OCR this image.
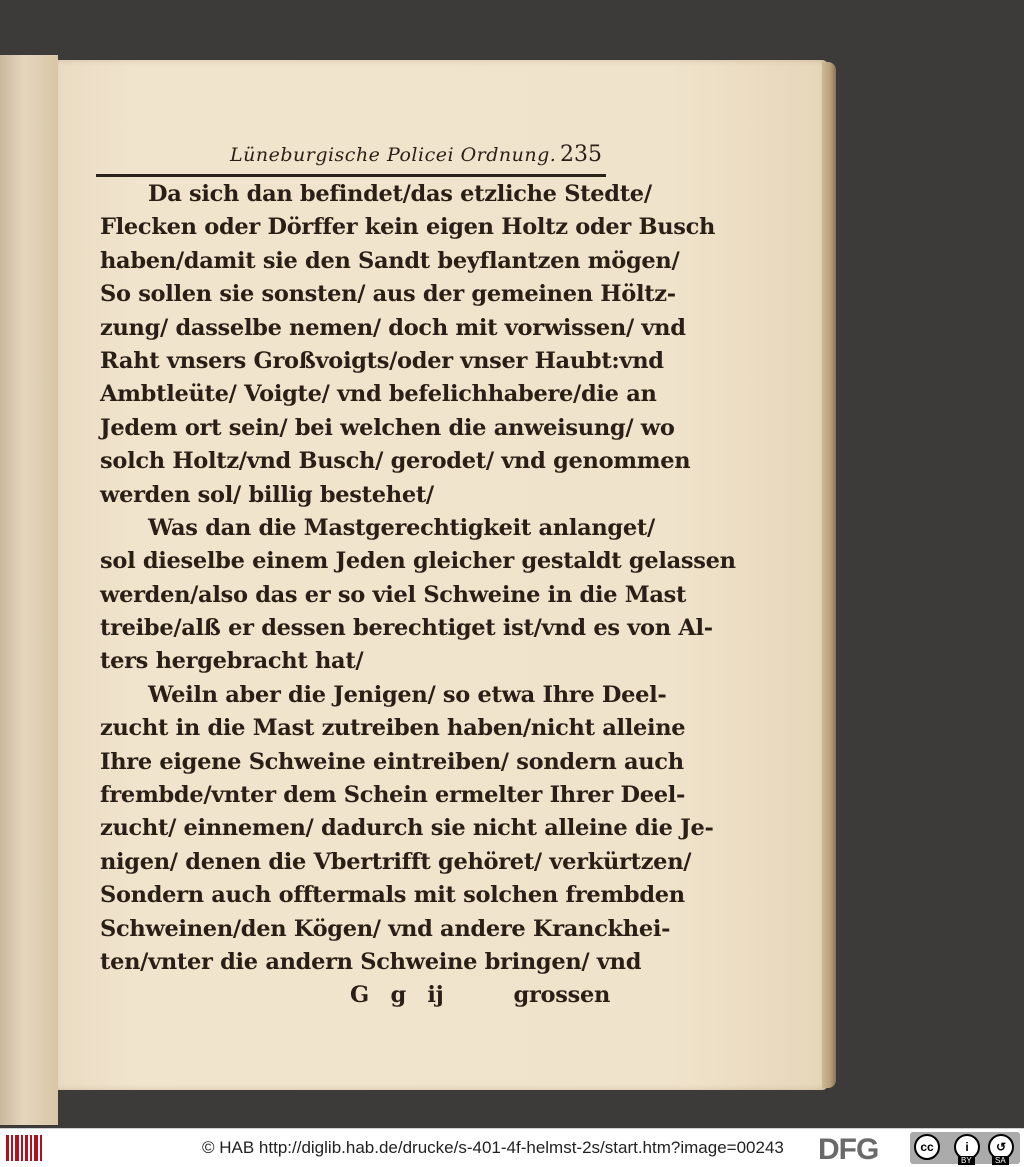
Lüneburgische Policei Ordnung. 235
Da sich dan befindet/das etzliche Stedte/
Flecken oder Dörffer kein eigen Holtz oder Busch
haben/damit sie den Sandt beyflantzen mögen/
So sollen sie sonsten/ aus der gemeinen Höltz-
zung/ dasselbe nemen/ doch mit vorwissen/ vnd
Raht vnsers Großvoigts/oder vnser Haubt:vnd
Ambtleüte/ Voigte/ vnd befelichhabere/die an
Jedem ort sein/ bei welchen die anweisung/ wo
solch Holtz/vnd Busch/ gerodet/ vnd genommen
werden sol/ billig bestehet/
Was dan die Mastgerechtigkeit anlanget/
sol dieselbe einem Jeden gleicher gestaldt gelassen
werden/also das er so viel Schweine in die Mast
treibe/alß er dessen berechtiget ist/vnd es von Al-
ters hergebracht hat/
Weiln aber die Jenigen/ so etwa Ihre Deel-
zucht in die Mast zutreiben haben/nicht alleine
Ihre eigene Schweine eintreiben/ sondern auch
frembde/vnter dem Schein ermelter Ihrer Deel-
zucht/ einnemen/ dadurch sie nicht alleine die Je-
nigen/ denen die Vbertrifft gehöret/ verkürtzen/
Sondern auch offtermals mit solchen frembden
Schweinen/den Kögen/ vnd andere Kranckhei-
ten/vnter die andern Schweine bringen/ vnd
G g ij	grossen
© HAB http://diglib.hab.de/drucke/s-401-4f-helmst-2s/start.htm?image=00243 DFG	cc	i	↺
BY	SA
